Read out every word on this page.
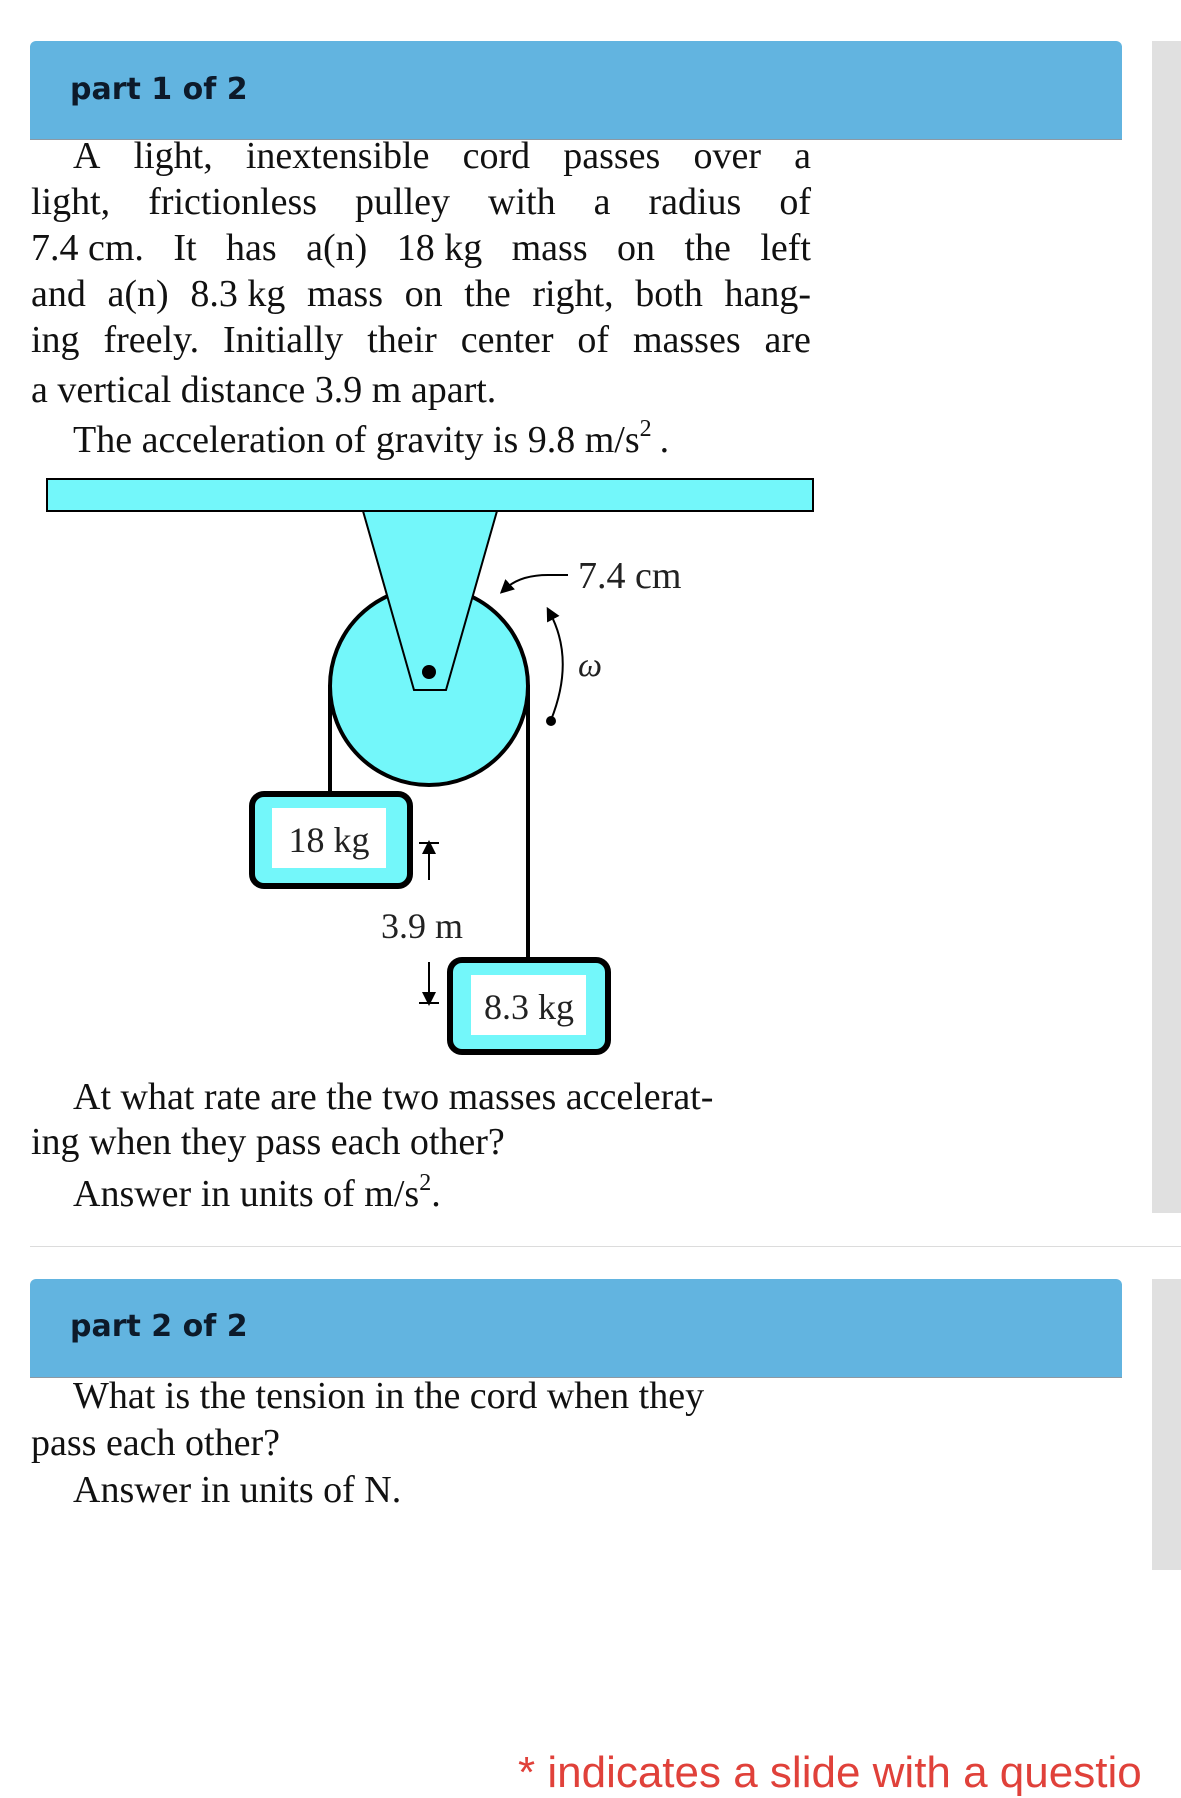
part 1 of 2
A light, inextensible cord passes over a
light, frictionless pulley with a radius of
7.4 cm. It has a(n) 18 kg mass on the left
and a(n) 8.3 kg mass on the right, both hang-
ing freely. Initially their center of masses are
a vertical distance 3.9 m apart.
The acceleration of gravity is 9.8 $m/s^2$ .
7.4 cm
ω
18 kg
8.3 kg
3.9 m
At what rate are the two masses accelerat-
ing when they pass each other?
Answer in units of $m/s^2$.
part 2 of 2
What is the tension in the cord when they
pass each other?
Answer in units of N.
* indicates a slide with a questio
